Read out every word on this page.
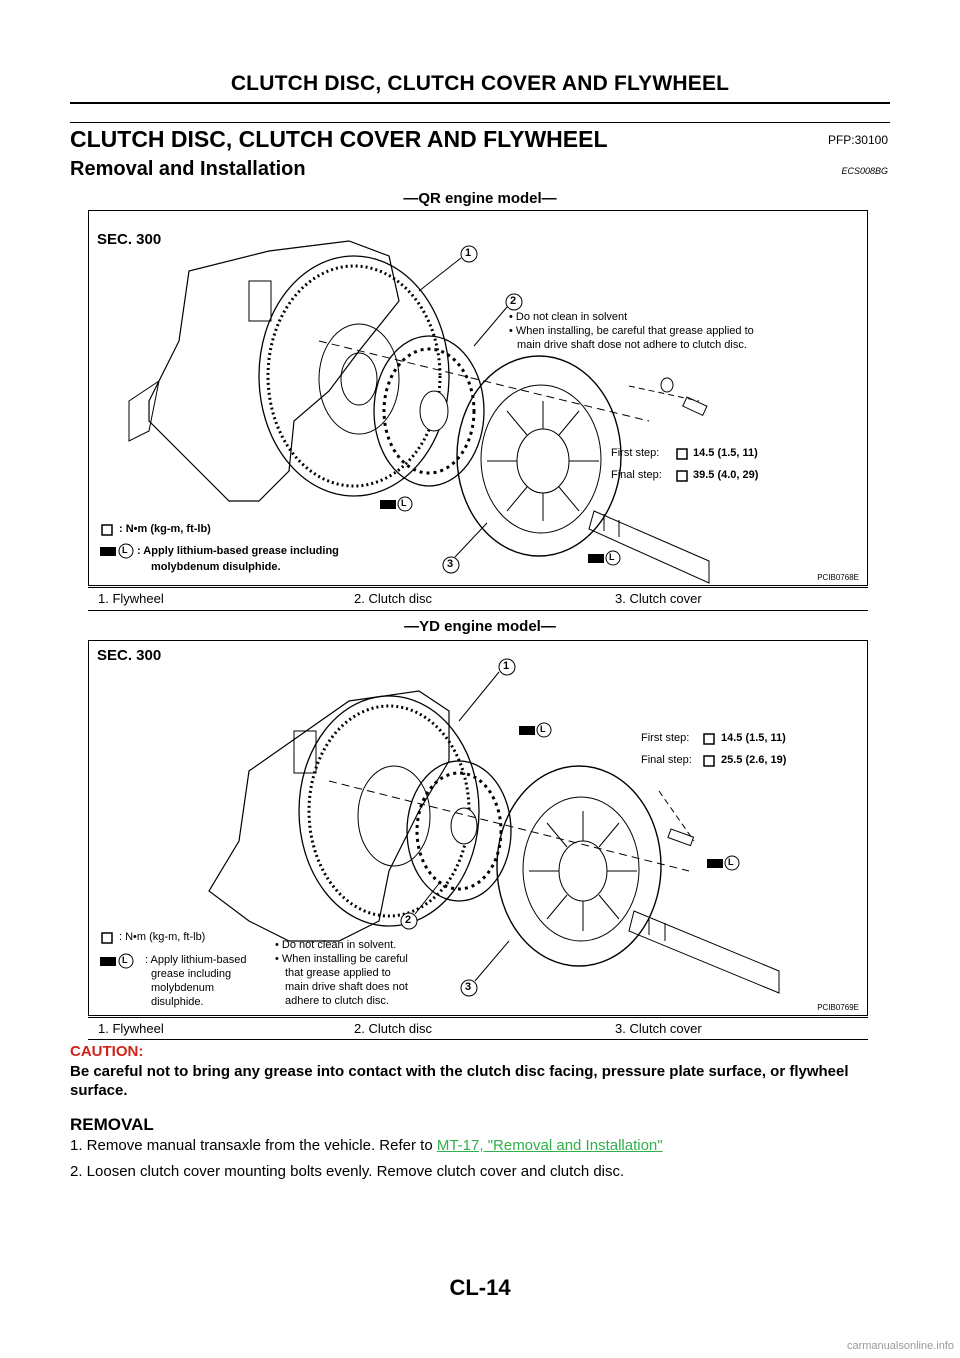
CLUTCH DISC, CLUTCH COVER AND FLYWHEEL
CLUTCH DISC, CLUTCH COVER AND FLYWHEEL	PFP:30100
Removal and Installation	ECS008BG
—QR engine model—
SEC. 300
1
2
3
• Do not clean in solvent
• When installing, be careful that grease applied to
main drive shaft dose not adhere to clutch disc.
First step:	14.5 (1.5, 11)
Final step:	39.5 (4.0, 29)
L
L
L
: N•m (kg-m, ft-lb)
: Apply lithium-based grease including
molybdenum disulphide.
PCIB0768E
1. Flywheel	2. Clutch disc	3. Clutch cover
—YD engine model—
SEC. 300
1
2
3
First step:	14.5 (1.5, 11)
Final step:	25.5 (2.6, 19)
L
L
L
: N•m (kg-m, ft-lb)
: Apply lithium-based
grease including
molybdenum
disulphide.
• Do not clean in solvent.
• When installing be careful
that grease applied to
main drive shaft does not
adhere to clutch disc.
PCIB0769E
1. Flywheel	2. Clutch disc	3. Clutch cover
CAUTION:
Be careful not to bring any grease into contact with the clutch disc facing, pressure plate surface, or flywheel surface.
REMOVAL
1. Remove manual transaxle from the vehicle. Refer to MT-17, "Removal and Installation"
2. Loosen clutch cover mounting bolts evenly. Remove clutch cover and clutch disc.
CL-14
carmanualsonline.info
